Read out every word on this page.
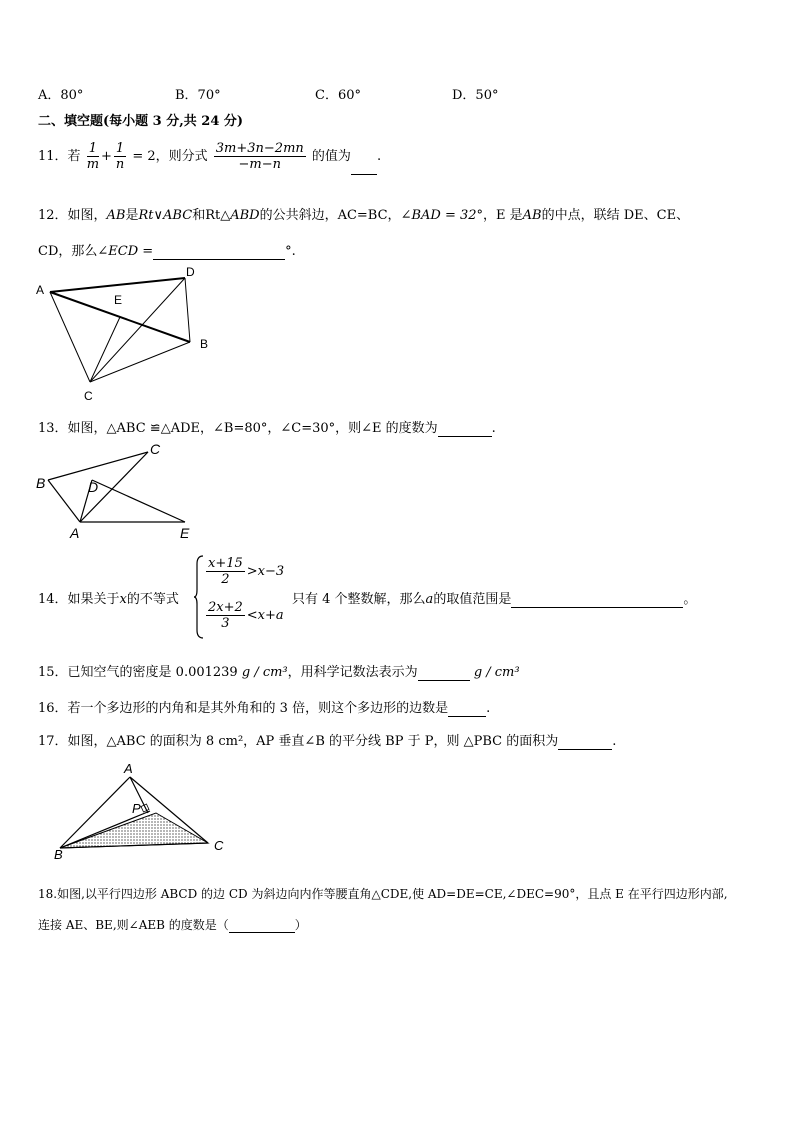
A．80°	B．70°	C．60°	D．50°
二、填空题(每小题 3 分,共 24 分)
11．若 $\frac{1}{m} + \frac{1}{n} = 2$，则分式 $\frac{3m+3n-2mn}{-m-n}$ 的值为 .
12．如图，AB是Rt∨ABC和Rt△ABD的公共斜边，AC=BC，∠BAD = 32°，E 是AB的中点，联结 DE、CE、
CD，那么∠ECD =	°.
A
D
E
B
C
13．如图，△ABC ≌△ADE，∠B=80°，∠C=30°，则∠E 的度数为	.
B
C
D
A	E
14．如果关于x的不等式
$\frac{x+15}{2} >x-3$
$\frac{2x+2}{3} <x+a$
只有 4 个整数解，那么a的取值范围是	。
15．已知空气的密度是 0.001239 g / cm³，用科学记数法表示为	g / cm³
16．若一个多边形的内角和是其外角和的 3 倍，则这个多边形的边数是	.
17．如图，△ABC 的面积为 8 cm²，AP 垂直∠B 的平分线 BP 于 P，则 △PBC 的面积为	.
A
P
B
C
18.如图,以平行四边形 ABCD 的边 CD 为斜边向内作等腰直角△CDE,使 AD=DE=CE,∠DEC=90°，且点 E 在平行四边形内部,
连接 AE、BE,则∠AEB 的度数是（	）
